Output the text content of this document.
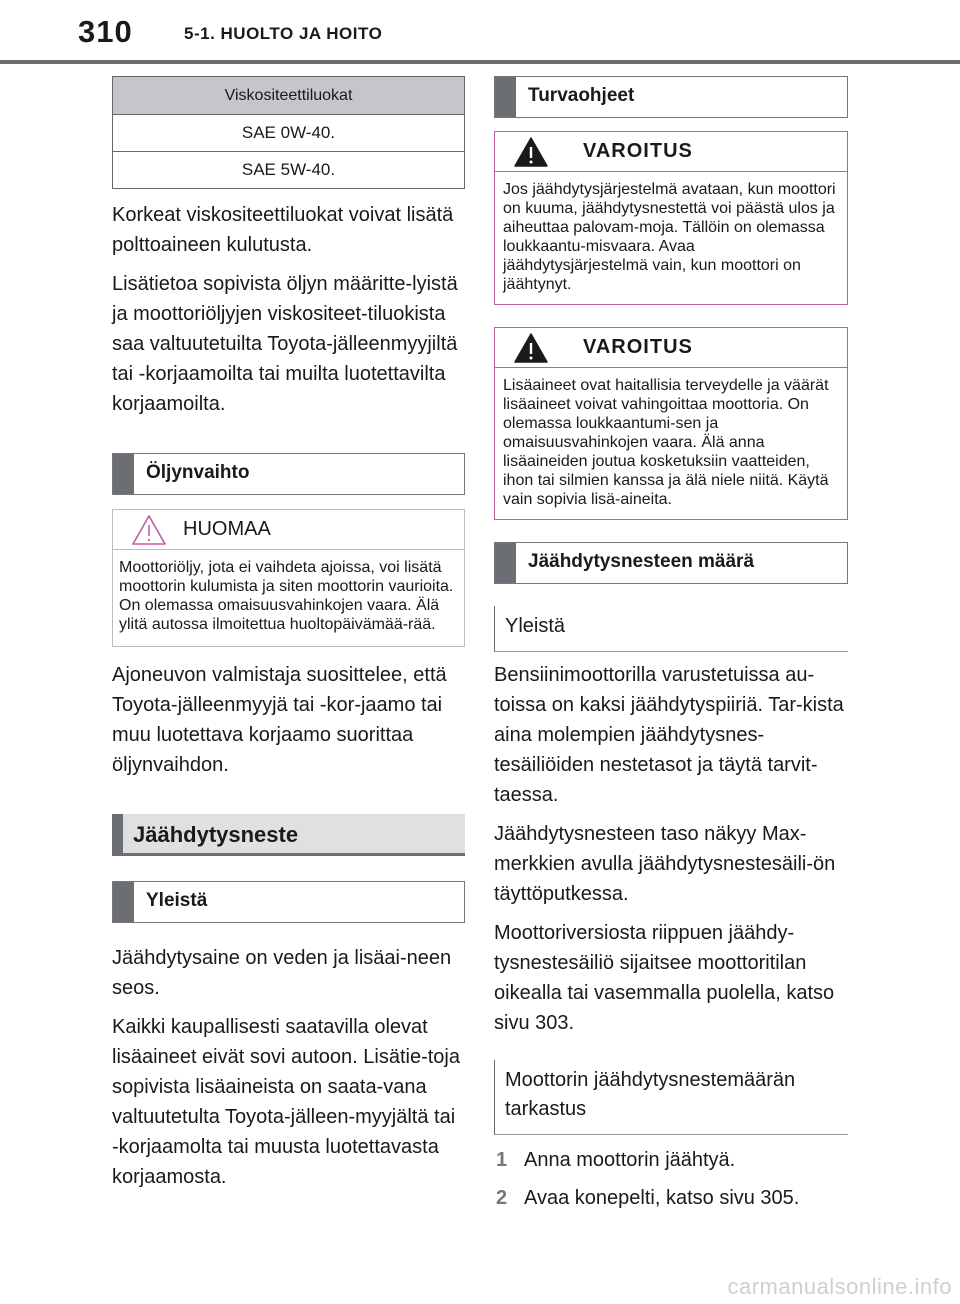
310	5-1. HUOLTO JA HOITO
Viskositeettiluokat
SAE 0W-40.
SAE 5W-40.

Korkeat viskositeettiluokat voivat lisätä polttoaineen kulutusta.

Lisätietoa sopivista öljyn määritte-lyistä ja moottoriöljyjen viskositeet-tiluokista saa valtuutetuilta Toyota-jälleenmyyjiltä tai -korjaamoilta tai muilta luotettavilta korjaamoilta.

Öljynvaihto
HUOMAA
Moottoriöljy, jota ei vaihdeta ajoissa, voi lisätä moottorin kulumista ja siten moottorin vaurioita. On olemassa omaisuusvahinkojen vaara. Älä ylitä autossa ilmoitettua huoltopäivämää-rää.

Ajoneuvon valmistaja suosittelee, että Toyota-jälleenmyyjä tai -kor-jaamo tai muu luotettava korjaamo suorittaa öljynvaihdon.

Jäähdytysneste
Yleistä

Jäähdytysaine on veden ja lisäai-neen seos.

Kaikki kaupallisesti saatavilla olevat lisäaineet eivät sovi autoon. Lisätie-toja sopivista lisäaineista on saata-vana valtuutetulta Toyota-jälleen-myyjältä tai -korjaamolta tai muusta luotettavasta korjaamosta.

Turvaohjeet
VAROITUS
Jos jäähdytysjärjestelmä avataan, kun moottori on kuuma, jäähdytysnestettä voi päästä ulos ja aiheuttaa palovam-moja. Tällöin on olemassa loukkaantu-misvaara. Avaa jäähdytysjärjestelmä vain, kun moottori on jäähtynyt.
VAROITUS
Lisäaineet ovat haitallisia terveydelle ja väärät lisäaineet voivat vahingoittaa moottoria. On olemassa loukkaantumi-sen ja omaisuusvahinkojen vaara. Älä anna lisäaineiden joutua kosketuksiin vaatteiden, ihon tai silmien kanssa ja älä niele niitä. Käytä vain sopivia lisä-aineita.
Jäähdytysnesteen määrä
Yleistä

Bensiinimoottorilla varustetuissa au-toissa on kaksi jäähdytyspiiriä. Tar-kista aina molempien jäähdytysnes-tesäiliöiden nestetasot ja täytä tarvit-taessa.

Jäähdytysnesteen taso näkyy Max-merkkien avulla jäähdytysnestesäili-ön täyttöputkessa.

Moottoriversiosta riippuen jäähdy-tysnestesäiliö sijaitsee moottoritilan oikealla tai vasemmalla puolella, katso sivu 303.

Moottorin jäähdytysnestemäärän tarkastus
1 Anna moottorin jäähtyä.
2 Avaa konepelti, katso sivu 305.
carmanualsonline.info
